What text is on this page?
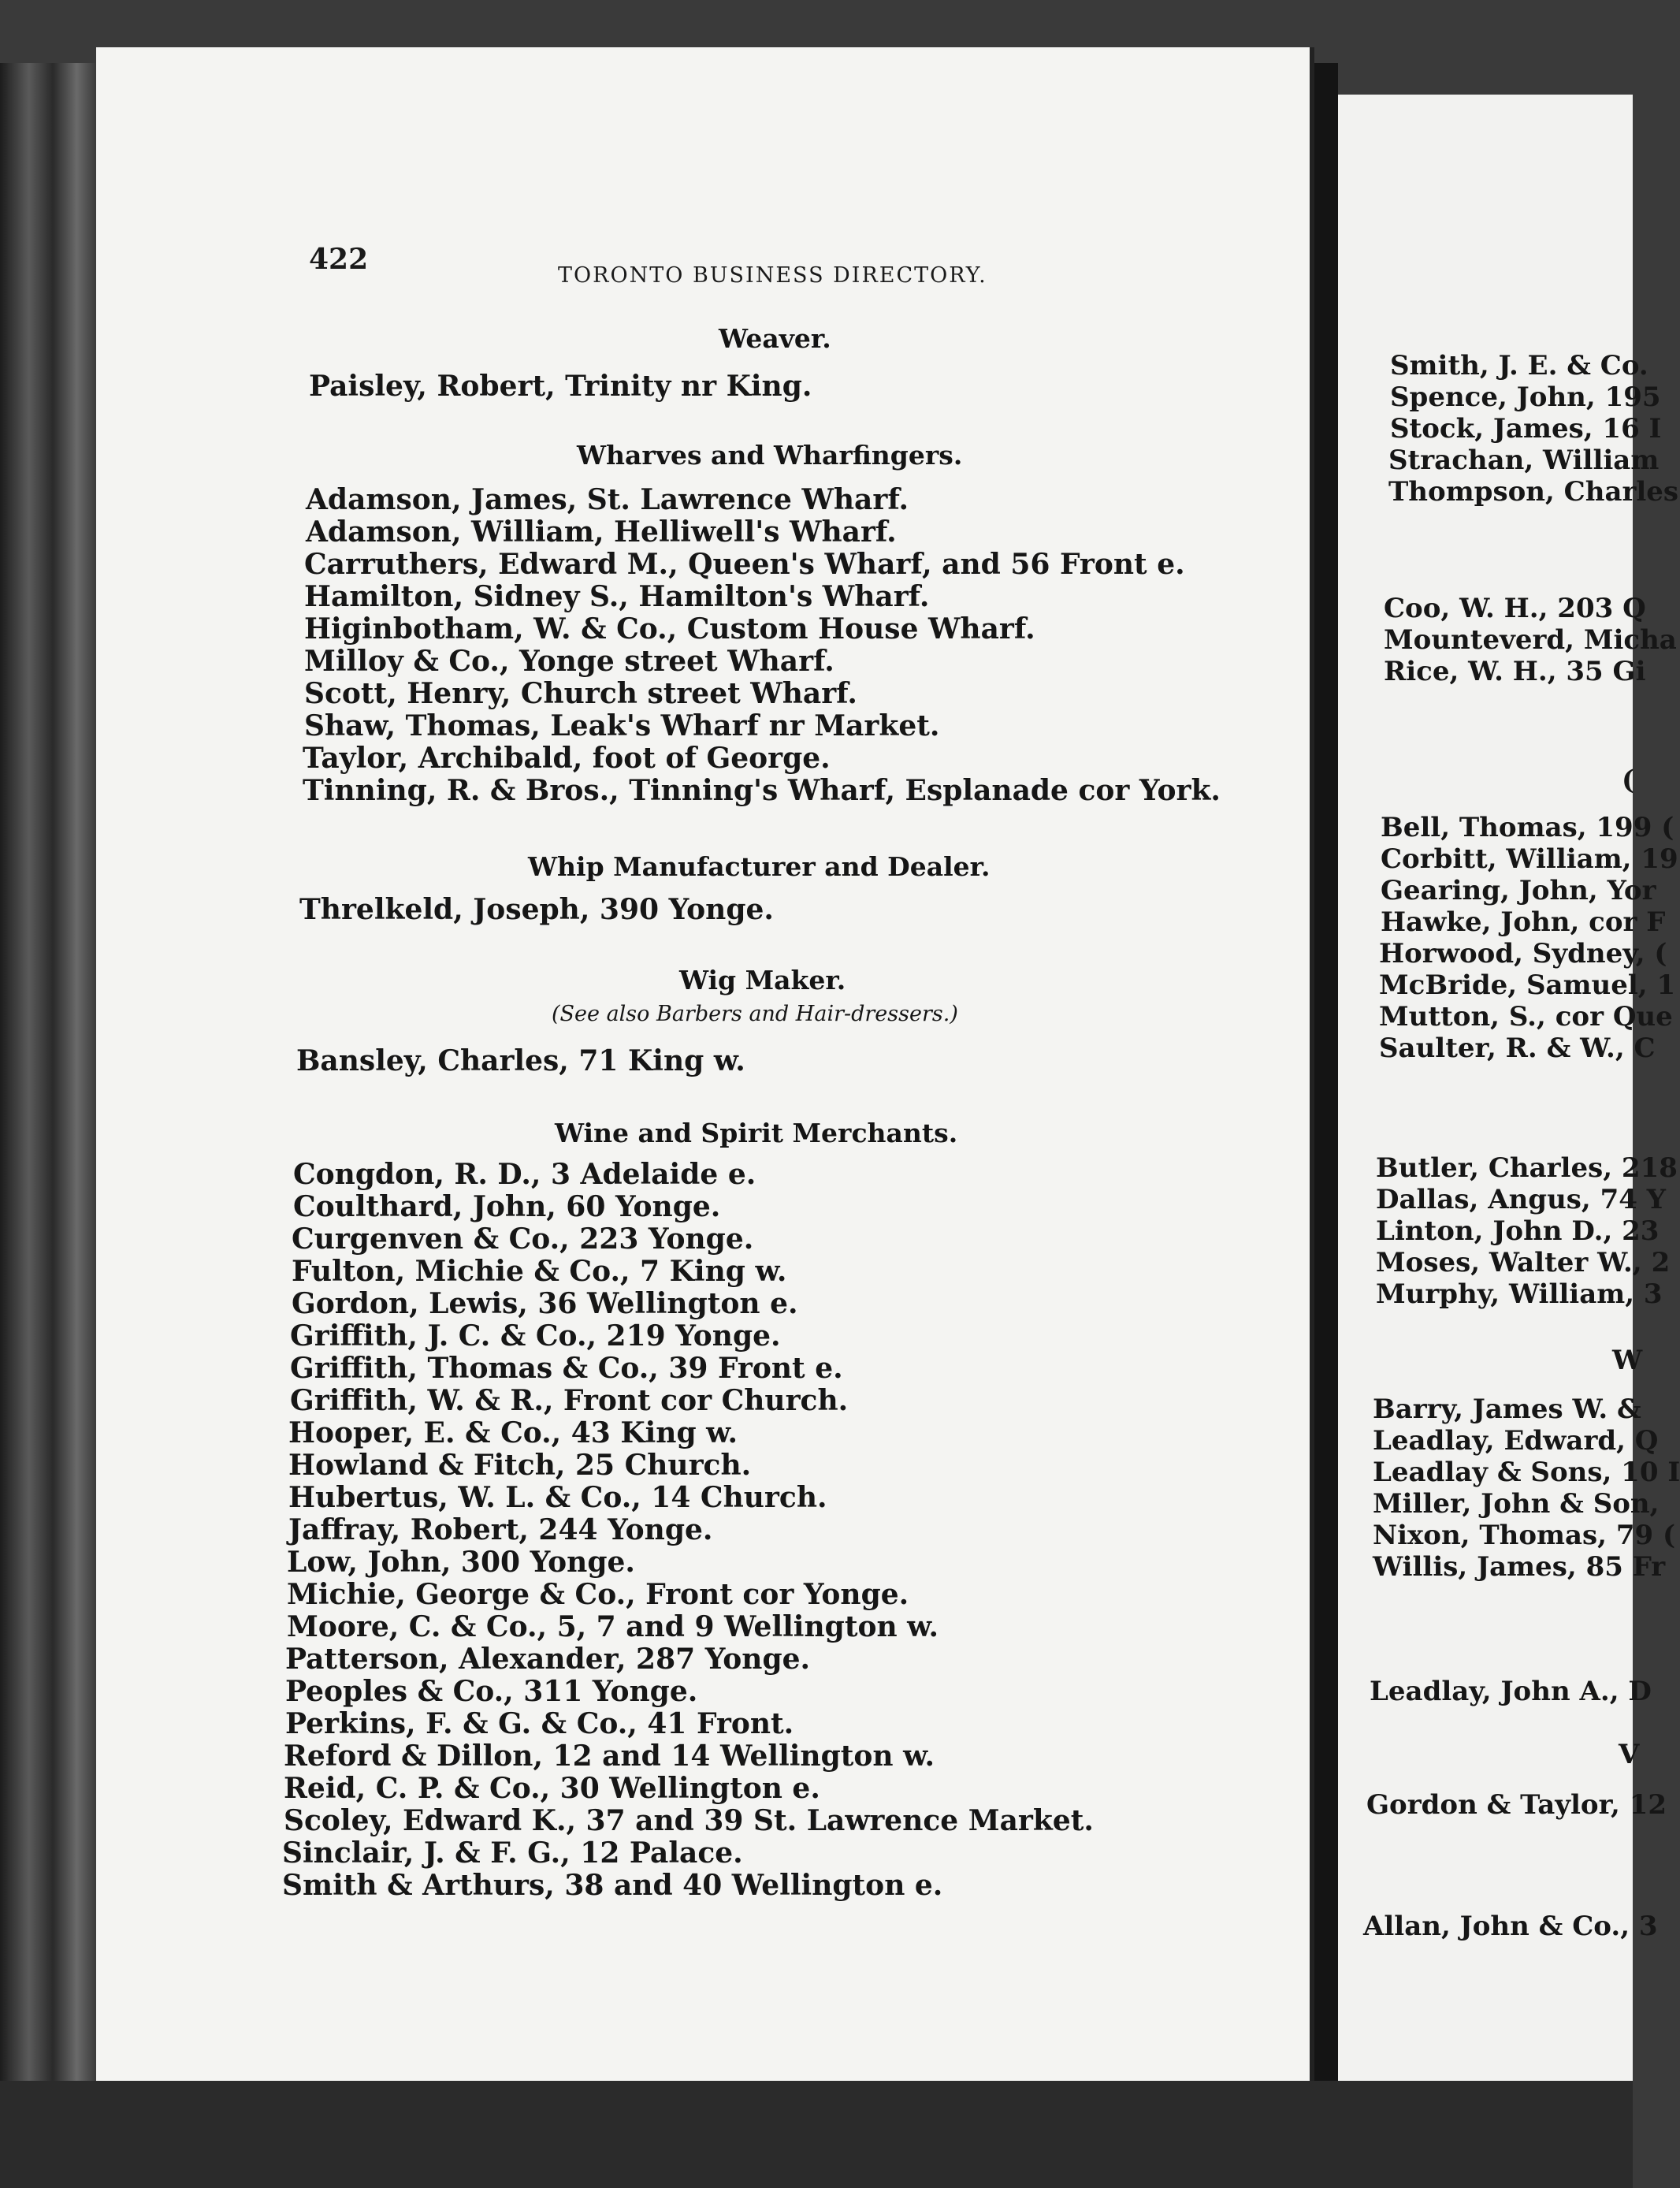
422	TORONTO BUSINESS DIRECTORY.
Weaver.
Paisley, Robert, Trinity nr King.
Wharves and Wharfingers.
Adamson, James, St. Lawrence Wharf.
Adamson, William, Helliwell's Wharf.
Carruthers, Edward M., Queen's Wharf, and 56 Front e.
Hamilton, Sidney S., Hamilton's Wharf.
Higinbotham, W. & Co., Custom House Wharf.
Milloy & Co., Yonge street Wharf.
Scott, Henry, Church street Wharf.
Shaw, Thomas, Leak's Wharf nr Market.
Taylor, Archibald, foot of George.
Tinning, R. & Bros., Tinning's Wharf, Esplanade cor York.
Whip Manufacturer and Dealer.
Threlkeld, Joseph, 390 Yonge.
Wig Maker.
(See also Barbers and Hair-dressers.)
Bansley, Charles, 71 King w.
Wine and Spirit Merchants.
Congdon, R. D., 3 Adelaide e.
Coulthard, John, 60 Yonge.
Curgenven & Co., 223 Yonge.
Fulton, Michie & Co., 7 King w.
Gordon, Lewis, 36 Wellington e.
Griffith, J. C. & Co., 219 Yonge.
Griffith, Thomas & Co., 39 Front e.
Griffith, W. & R., Front cor Church.
Hooper, E. & Co., 43 King w.
Howland & Fitch, 25 Church.
Hubertus, W. L. & Co., 14 Church.
Jaffray, Robert, 244 Yonge.
Low, John, 300 Yonge.
Michie, George & Co., Front cor Yonge.
Moore, C. & Co., 5, 7 and 9 Wellington w.
Patterson, Alexander, 287 Yonge.
Peoples & Co., 311 Yonge.
Perkins, F. & G. & Co., 41 Front.
Reford & Dillon, 12 and 14 Wellington w.
Reid, C. P. & Co., 30 Wellington e.
Scoley, Edward K., 37 and 39 St. Lawrence Market.
Sinclair, J. & F. G., 12 Palace.
Smith & Arthurs, 38 and 40 Wellington e.
Smith, J. E. & Co.
Spence, John, 195
Stock, James, 16 I
Strachan, William
Thompson, Charles
Coo, W. H., 203 Q
Mounteverd, Micha
Rice, W. H., 35 Gi
(
Bell, Thomas, 199 (
Corbitt, William, 19
Gearing, John, Yor
Hawke, John, cor F
Horwood, Sydney, (
McBride, Samuel, 1
Mutton, S., cor Que
Saulter, R. & W., C
Butler, Charles, 218
Dallas, Angus, 74 Y
Linton, John D., 23
Moses, Walter W., 2
Murphy, William, 3
W
Barry, James W. &
Leadlay, Edward, Q
Leadlay & Sons, 10 I
Miller, John & Son,
Nixon, Thomas, 79 (
Willis, James, 85 Fr
Leadlay, John A., D
V
Gordon & Taylor, 12
Allan, John & Co., 3
